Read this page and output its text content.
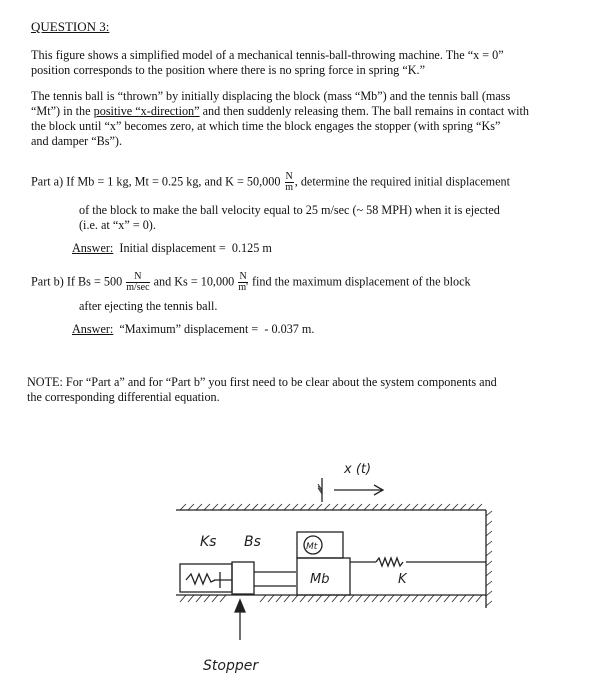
QUESTION 3:
This figure shows a simplified model of a mechanical tennis-ball-throwing machine. The “x = 0”
position corresponds to the position where there is no spring force in spring “K.”
The tennis ball is “thrown” by initially displacing the block (mass “Mb”) and the tennis ball (mass
“Mt”) in the positive “x-direction” and then suddenly releasing them. The ball remains in contact with
the block until “x” becomes zero, at which time the block engages the stopper (with spring “Ks”
and damper “Bs”).
Part a) If Mb = 1 kg, Mt = 0.25 kg, and $K = 50,000 \frac{N}{m}$ , determine the required initial displacement
of the block to make the ball velocity equal to 25 m/sec (~ 58 MPH) when it is ejected
(i.e. at “x” = 0).
Answer: Initial displacement = 0.125 m
Part b) If $Bs = 500 \frac{N}{m/\sec}$ and $Ks = 10,000 \frac{N}{m'}$ find the maximum displacement of the block
after ejecting the tennis ball.
Answer: “Maximum” displacement = - 0.037 m.
NOTE: For “Part a” and for “Part b” you first need to be clear about the system components and
the corresponding differential equation.
x (t)
Ks Bs	Mt
Mb	K
Stopper
